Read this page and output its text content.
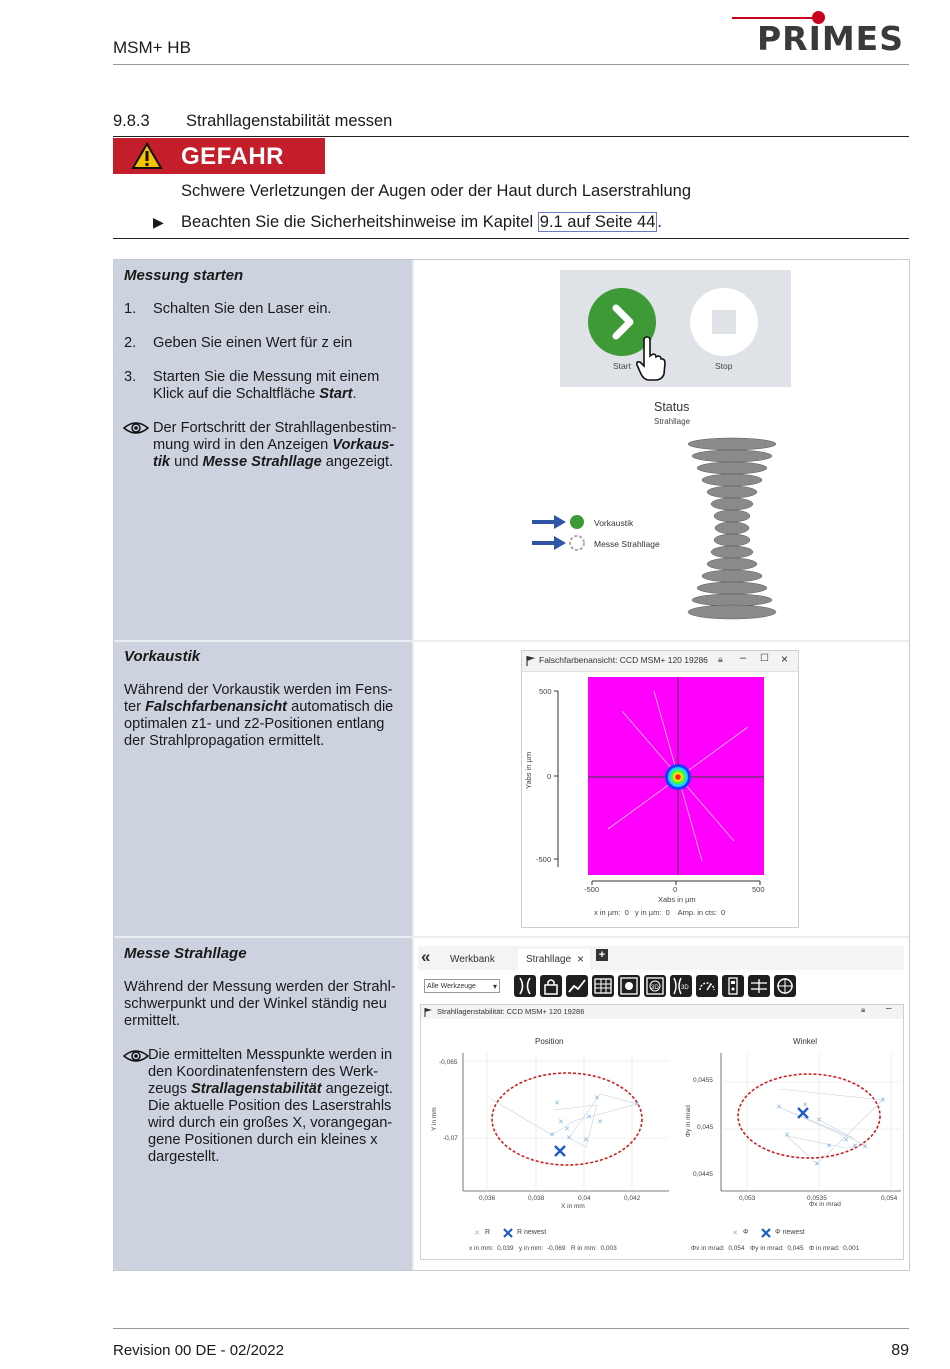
MSM+ HB	PRIMES
9.8.3 Strahllagenstabilität messen
GEFAHR
Schwere Verletzungen der Augen oder der Haut durch Laserstrahlung
▶ Beachten Sie die Sicherheitshinweise im Kapitel 9.1 auf Seite 44 .
Messung starten
1. Schalten Sie den Laser ein.
2. Geben Sie einen Wert für z ein
3. Starten Sie die Messung mit einem Klick auf die Schaltfläche Start.
Der Fortschritt der Strahllagenbestim-mung wird in den Anzeigen Vorkaus-tik und Messe Strahllage angezeigt.
Start	Stop
Status
Strahllage
Vorkaustik
Messe Strahllage
Vorkaustik
Während der Vorkaustik werden im Fens-ter Falschfarbenansicht automatisch die optimalen z1- und z2-Positionen entlang der Strahlpropagation ermittelt.
Falschfarbenansicht: CCD MSM+ 120 19286 🔒︎ – ☐ ×
500
0
-500
Yabs in µm
-500	0	500
Xabs in µm
x in µm:  0   y in µm:  0    Amp. in cts:  0
Messe Strahllage
Während der Messung werden der Strahl-schwerpunkt und der Winkel ständig neu ermittelt.
Die ermittelten Messpunkte werden in den Koordinatenfenstern des Werk-zeugs Strallagenstabilität angezeigt. Die aktuelle Position des Laserstrahls wird durch ein großes X, vorangegan-gene Positionen durch ein kleines x dargestellt.
« Werkbank	Strahllage × +
Alle Werkzeuge ▾	3D	3D
Strahllagenstabilität: CCD MSM+ 120 19286	🔒︎ –
Position	Winkel
×	×
×
×
×
×
×	×
×
×
×
×
×
×
×
× ×
×
×
×
×	×
-0,065
-0,07
Y in mm
0,036	0,038	0,04	0,042
X in mm
0,0455
0,045
0,0445
Φy in mrad
0,053	0,0535	0,054
Φx in mrad
R	R newest	Φ	Φ newest
x in mm:  0,039   y in mm:  -0,069   R in mm:  0,003	Φx in mrad:  0,054   Φy in mrad:  0,045   Φ in mrad:  0,001
Revision 00 DE - 02/2022	89
